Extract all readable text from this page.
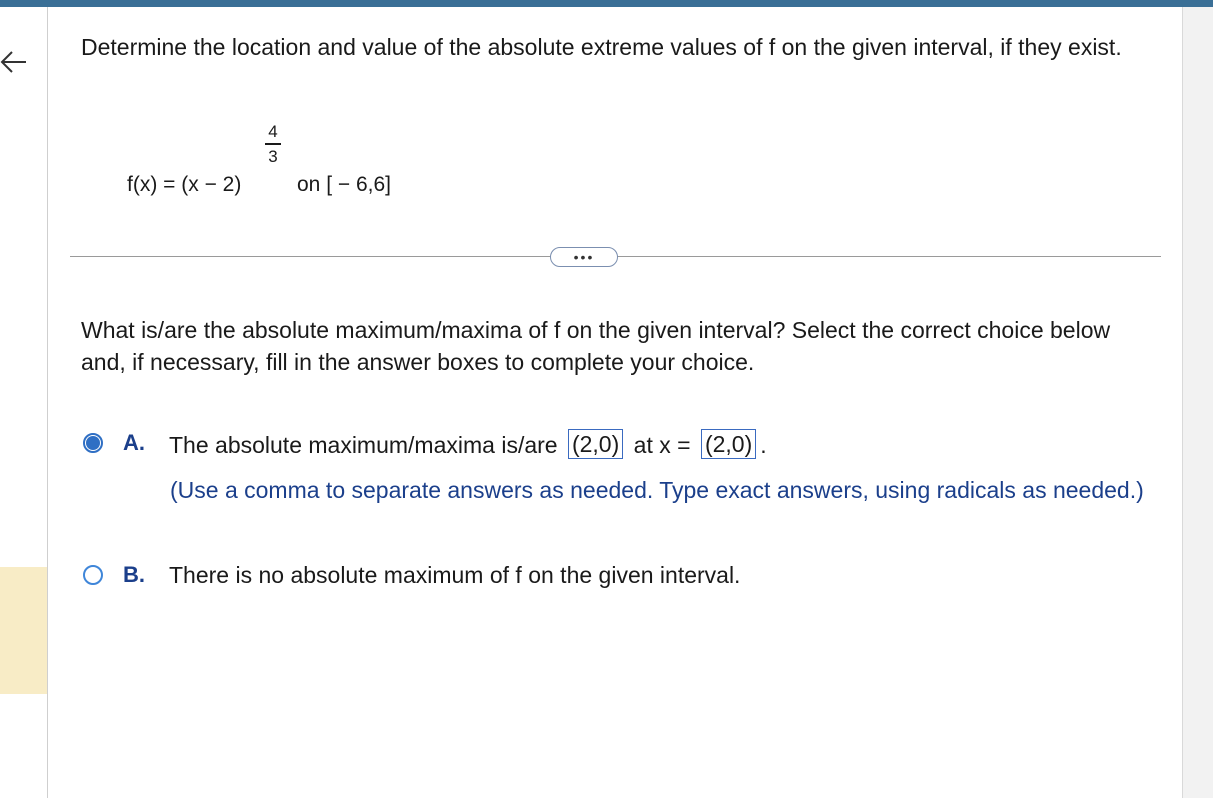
Determine the location and value of the absolute extreme values of f on the given interval, if they exist.
f(x) = (x − 2)
4
3
on [ − 6,6]
•••
What is/are the absolute maximum/maxima of f on the given interval? Select the correct choice below and, if necessary, fill in the answer boxes to complete your choice.
A. The absolute maximum/maxima is/are (2,0) at x = (2,0) .
(Use a comma to separate answers as needed. Type exact answers, using radicals as needed.)
B. There is no absolute maximum of f on the given interval.
